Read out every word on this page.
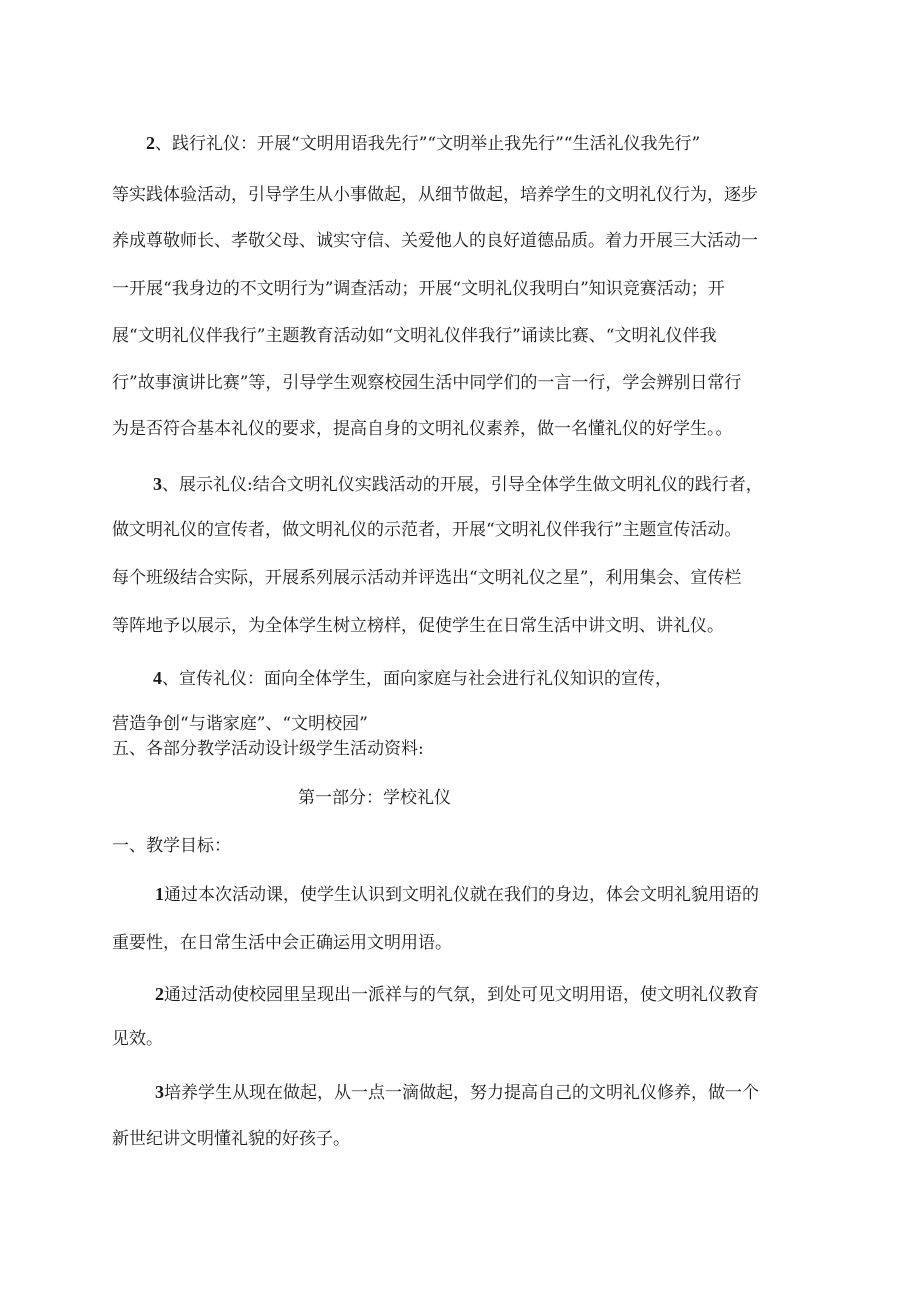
2、践行礼仪：开展“文明用语我先行”“文明举止我先行”“生活礼仪我先行”
等实践体验活动，引导学生从小事做起，从细节做起，培养学生的文明礼仪行为，逐步
养成尊敬师长、孝敬父母、诚实守信、关爱他人的良好道德品质。着力开展三大活动一
一开展“我身边的不文明行为”调查活动；开展“文明礼仪我明白”知识竞赛活动；开
展“文明礼仪伴我行”主题教育活动如“文明礼仪伴我行”诵读比赛、“文明礼仪伴我
行”故事演讲比赛”等，引导学生观察校园生活中同学们的一言一行，学会辨别日常行
为是否符合基本礼仪的要求，提高自身的文明礼仪素养，做一名懂礼仪的好学生。。
3、展示礼仪:结合文明礼仪实践活动的开展，引导全体学生做文明礼仪的践行者，
做文明礼仪的宣传者，做文明礼仪的示范者，开展“文明礼仪伴我行”主题宣传活动。
每个班级结合实际，开展系列展示活动并评选出“文明礼仪之星”，利用集会、宣传栏
等阵地予以展示，为全体学生树立榜样，促使学生在日常生活中讲文明、讲礼仪。
4、宣传礼仪：面向全体学生，面向家庭与社会进行礼仪知识的宣传，
营造争创“与谐家庭”、“文明校园”
五、各部分教学活动设计级学生活动资料:
第一部分：学校礼仪
一、教学目标：
1通过本次活动课，使学生认识到文明礼仪就在我们的身边，体会文明礼貌用语的
重要性，在日常生活中会正确运用文明用语。
2通过活动使校园里呈现出一派祥与的气氛，到处可见文明用语，使文明礼仪教育
见效。
3培养学生从现在做起，从一点一滴做起，努力提高自己的文明礼仪修养，做一个
新世纪讲文明懂礼貌的好孩子。
